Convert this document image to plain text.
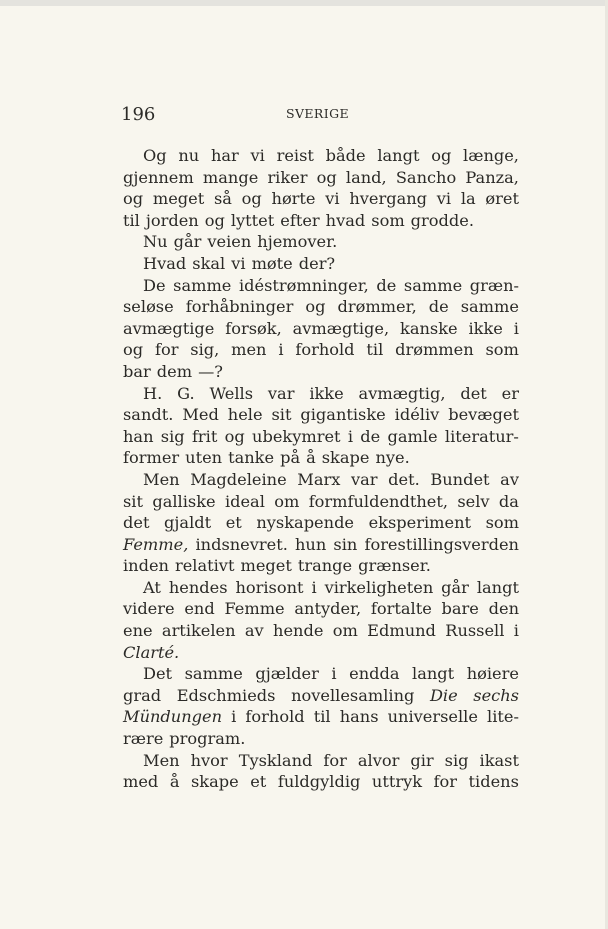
196	SVERIGE
Og nu har vi reist både langt og længe,
gjennem mange riker og land, Sancho Panza,
og meget så og hørte vi hvergang vi la øret
til jorden og lyttet efter hvad som grodde.
Nu går veien hjemover.
Hvad skal vi møte der?
De samme idéstrømninger, de samme græn-
seløse forhåbninger og drømmer, de samme
avmægtige forsøk, avmægtige, kanske ikke i
og for sig, men i forhold til drømmen som
bar dem —?
H. G. Wells var ikke avmægtig, det er
sandt. Med hele sit gigantiske idéliv bevæget
han sig frit og ubekymret i de gamle literatur-
former uten tanke på å skape nye.
Men Magdeleine Marx var det. Bundet av
sit galliske ideal om formfuldendthet, selv da
det gjaldt et nyskapende eksperiment som
Femme, indsnevret. hun sin forestillingsverden
inden relativt meget trange grænser.
At hendes horisont i virkeligheten går langt
videre end Femme antyder, fortalte bare den
ene artikelen av hende om Edmund Russell i
Clarté.
Det samme gjælder i endda langt høiere
grad Edschmieds novellesamling Die sechs
Mündungen i forhold til hans universelle lite-
rære program.
Men hvor Tyskland for alvor gir sig ikast
med å skape et fuldgyldig uttryk for tidens
